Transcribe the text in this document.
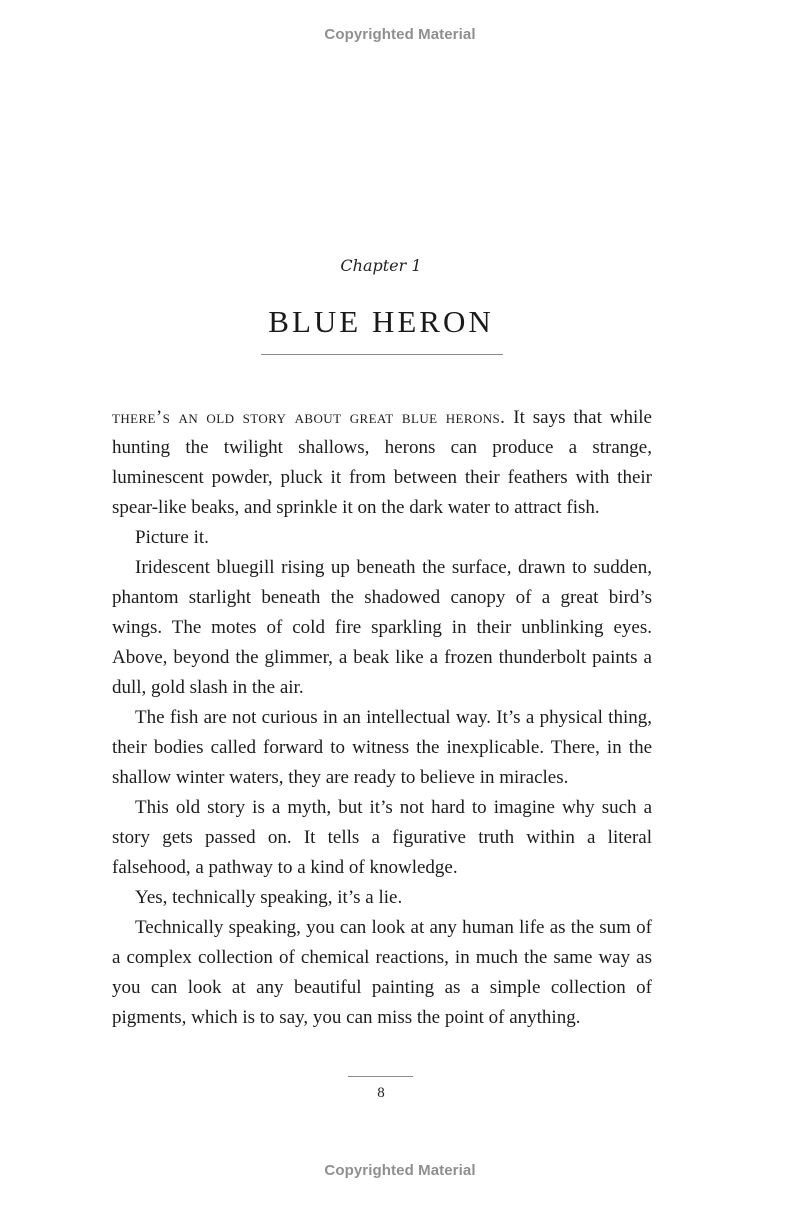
Copyrighted Material
Chapter 1
BLUE HERON

there’s an old story about great blue herons. It says that while hunting the twilight shallows, herons can produce a strange, luminescent powder, pluck it from between their feathers with their spear-like beaks, and sprinkle it on the dark water to attract fish.

Picture it.

Iridescent bluegill rising up beneath the surface, drawn to sudden, phantom starlight beneath the shadowed canopy of a great bird’s wings. The motes of cold fire sparkling in their unblinking eyes. Above, beyond the glimmer, a beak like a frozen thunderbolt paints a dull, gold slash in the air.

The fish are not curious in an intellectual way. It’s a physical thing, their bodies called forward to witness the inexplicable. There, in the shallow winter waters, they are ready to believe in miracles.

This old story is a myth, but it’s not hard to imagine why such a story gets passed on. It tells a figurative truth within a literal falsehood, a pathway to a kind of knowledge.

Yes, technically speaking, it’s a lie.

Technically speaking, you can look at any human life as the sum of a complex collection of chemical reactions, in much the same way as you can look at any beautiful painting as a simple collection of pigments, which is to say, you can miss the point of anything.

8
Copyrighted Material
